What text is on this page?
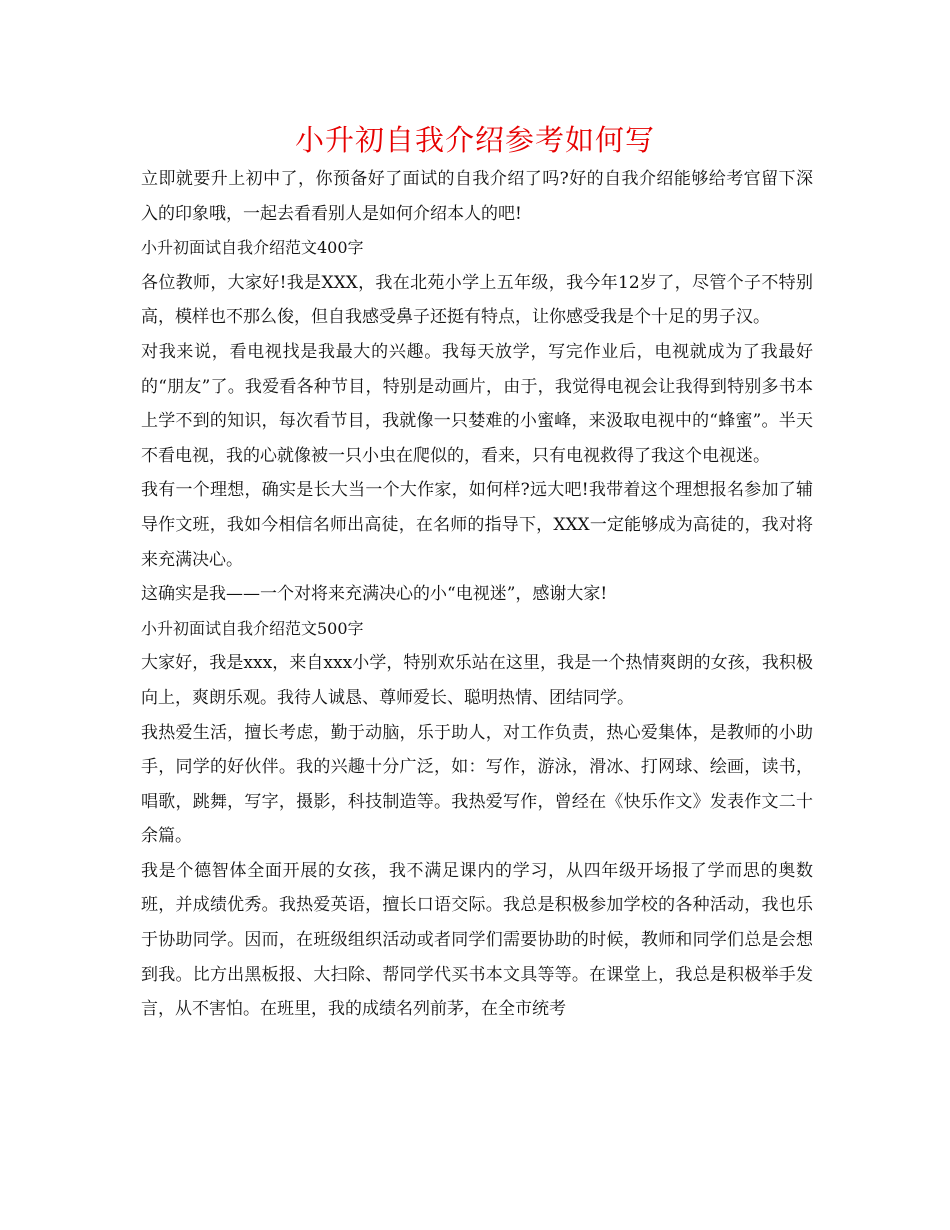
小升初自我介绍参考如何写

立即就要升上初中了，你预备好了面试的自我介绍了吗?好的自我介绍能够给考官留下深入的印象哦，一起去看看别人是如何介绍本人的吧!

小升初面试自我介绍范文400字

各位教师，大家好!我是XXX，我在北苑小学上五年级，我今年12岁了，尽管个子不特别高，模样也不那么俊，但自我感受鼻子还挺有特点，让你感受我是个十足的男子汉。

对我来说，看电视找是我最大的兴趣。我每天放学，写完作业后，电视就成为了我最好的“朋友”了。我爱看各种节目，特别是动画片，由于，我觉得电视会让我得到特别多书本上学不到的知识，每次看节目，我就像一只婪难的小蜜峰，来汲取电视中的“蜂蜜”。半天不看电视，我的心就像被一只小虫在爬似的，看来，只有电视救得了我这个电视迷。

我有一个理想，确实是长大当一个大作家，如何样?远大吧!我带着这个理想报名参加了辅导作文班，我如今相信名师出高徒，在名师的指导下，XXX一定能够成为高徒的，我对将来充满决心。

这确实是我——一个对将来充满决心的小“电视迷”，感谢大家!

小升初面试自我介绍范文500字

大家好，我是xxx，来自xxx小学，特别欢乐站在这里，我是一个热情爽朗的女孩，我积极向上，爽朗乐观。我待人诚恳、尊师爱长、聪明热情、团结同学。

我热爱生活，擅长考虑，勤于动脑，乐于助人，对工作负责，热心爱集体，是教师的小助手，同学的好伙伴。我的兴趣十分广泛，如：写作，游泳，滑冰、打网球、绘画，读书，唱歌，跳舞，写字，摄影，科技制造等。我热爱写作，曾经在《快乐作文》发表作文二十余篇。

我是个德智体全面开展的女孩，我不满足课内的学习，从四年级开场报了学而思的奥数班，并成绩优秀。我热爱英语，擅长口语交际。我总是积极参加学校的各种活动，我也乐于协助同学。因而，在班级组织活动或者同学们需要协助的时候，教师和同学们总是会想到我。比方出黑板报、大扫除、帮同学代买书本文具等等。在课堂上，我总是积极举手发言，从不害怕。在班里，我的成绩名列前茅，在全市统考
